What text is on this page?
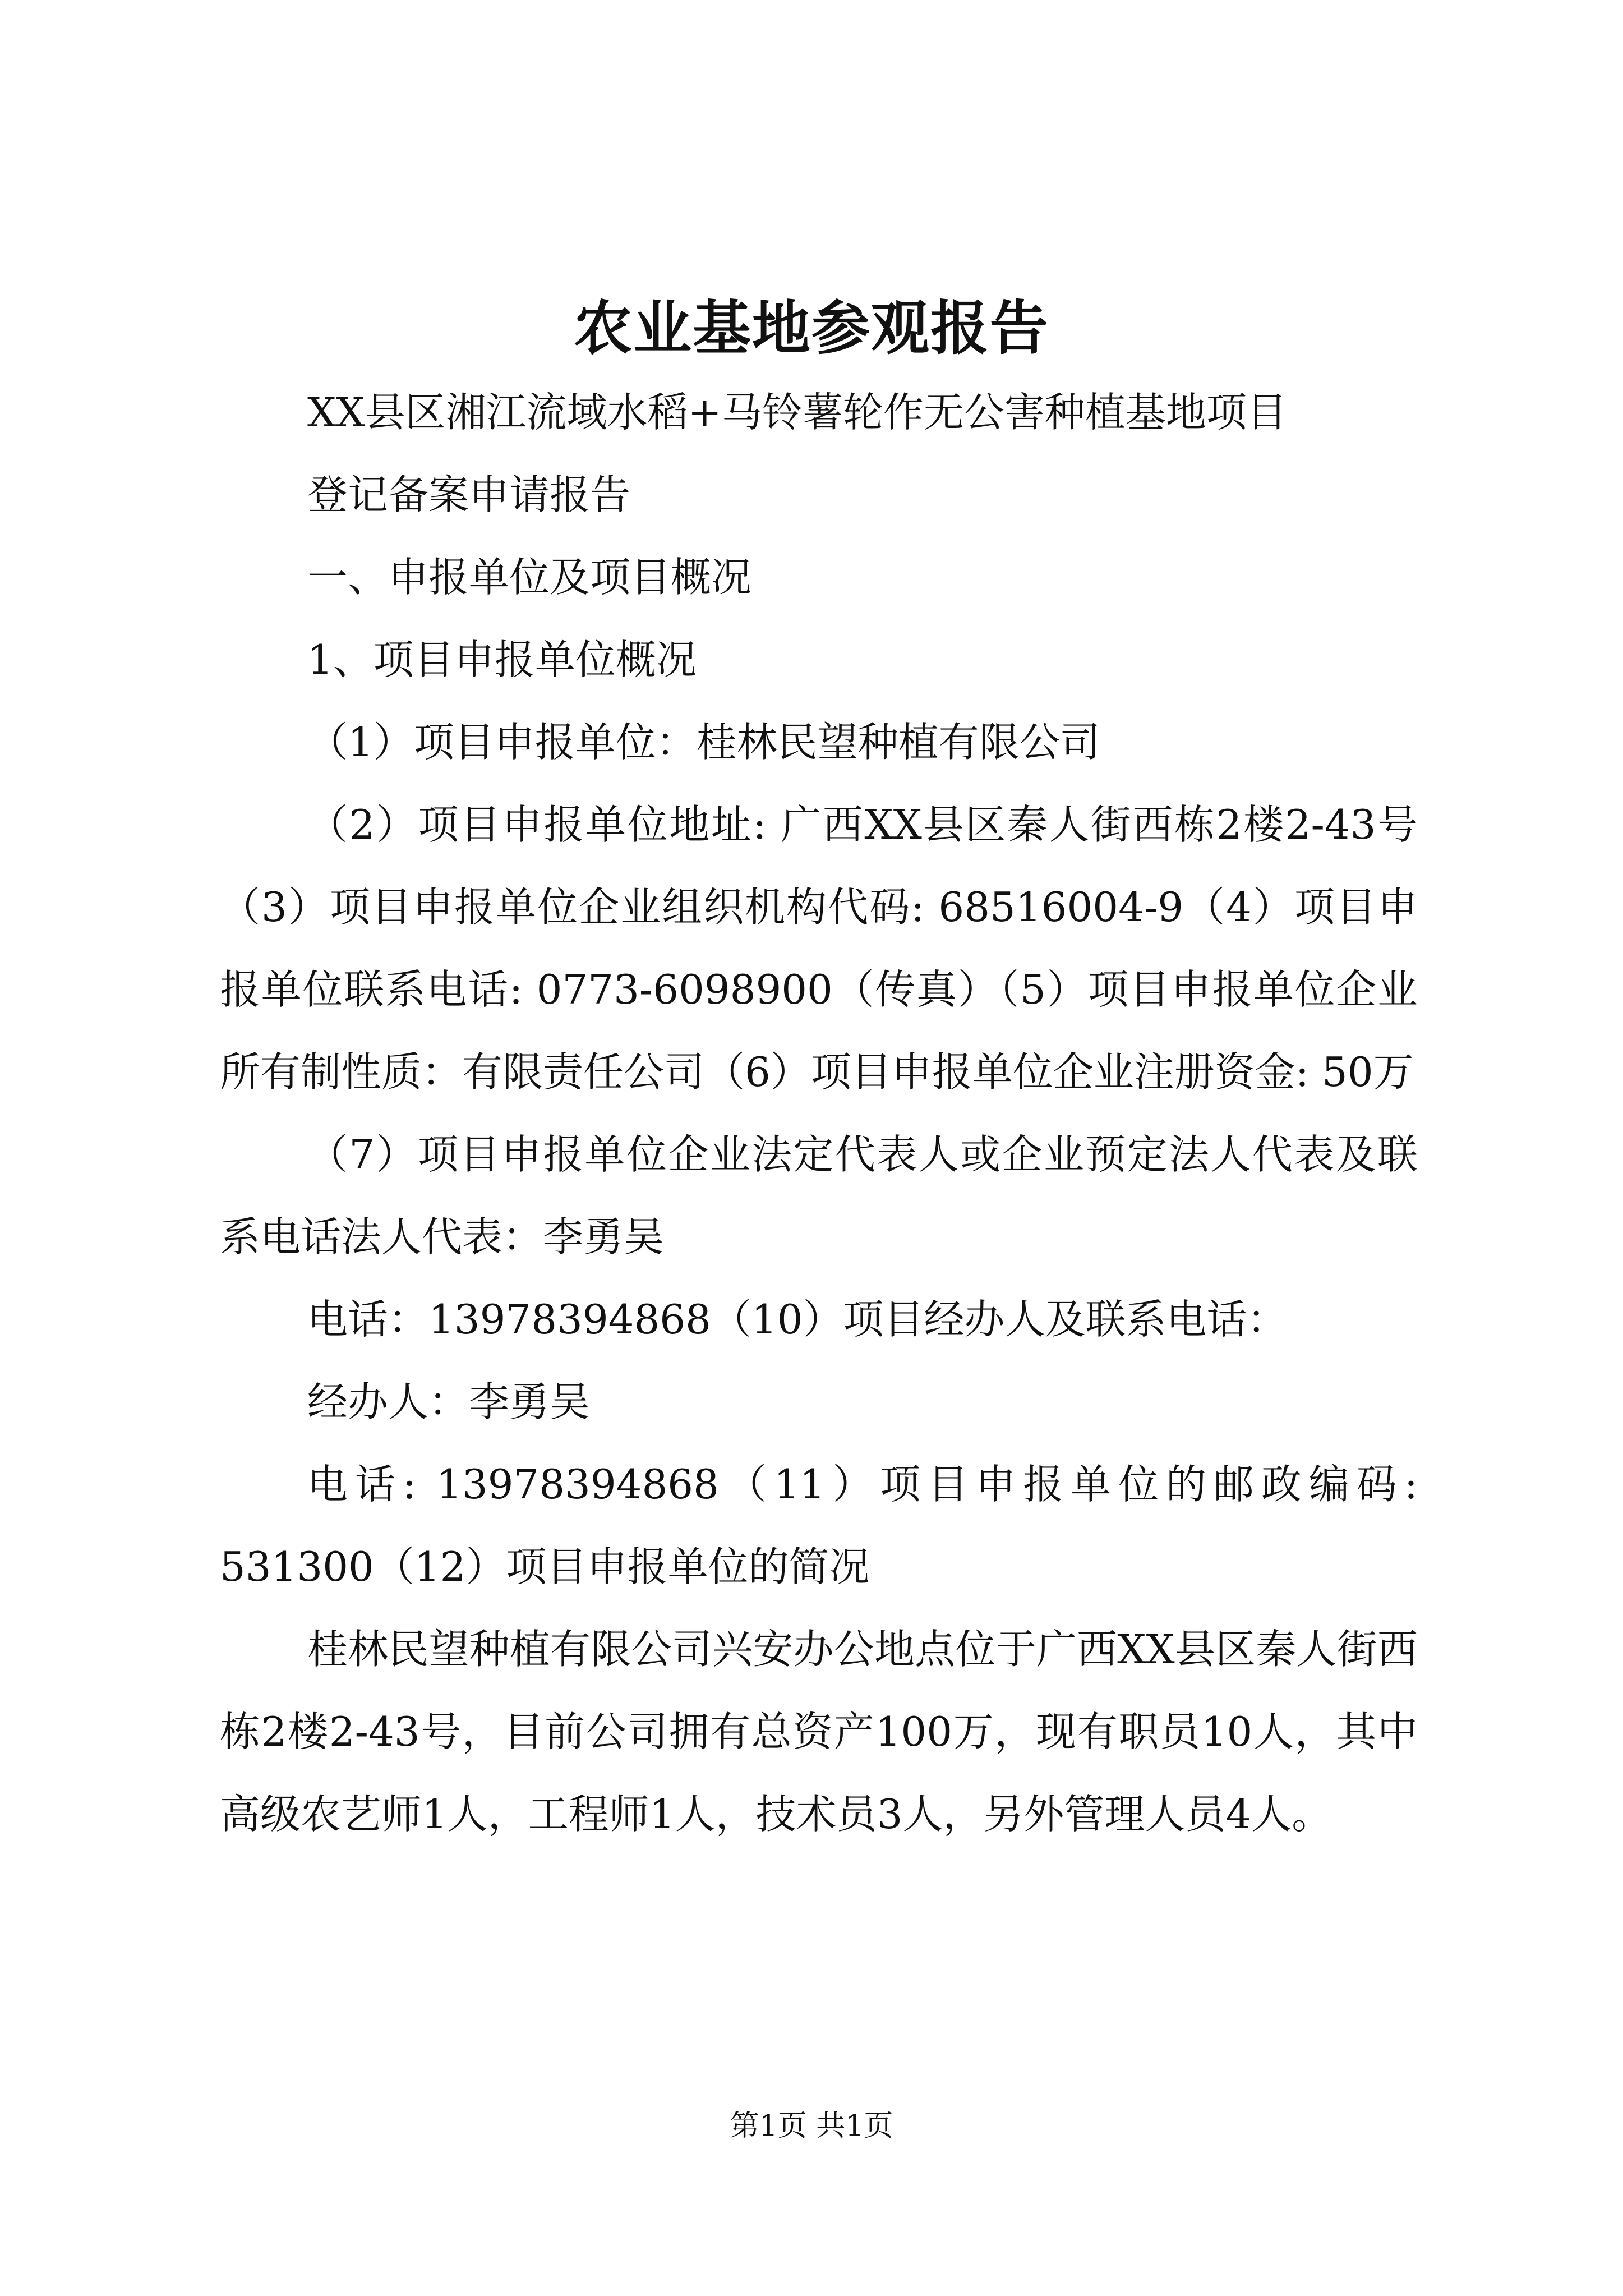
农业基地参观报告

XX县区湘江流域水稻+马铃薯轮作无公害种植基地项目

登记备案申请报告

一、申报单位及项目概况

1、项目申报单位概况

（1）项目申报单位：桂林民望种植有限公司

（2）项目申报单位地址: 广西XX县区秦人街西栋2楼2-43号（3）项目申报单位企业组织机构代码: 68516004-9（4）项目申报单位联系电话: 0773-6098900（传真）（5）项目申报单位企业所有制性质：有限责任公司（6）项目申报单位企业注册资金: 50万

（7）项目申报单位企业法定代表人或企业预定法人代表及联系电话法人代表：李勇吴

电话：13978394868（10）项目经办人及联系电话：

经办人：李勇吴

电话: 13978394868（11）项目申报单位的邮政编码: 531300（12）项目申报单位的简况

桂林民望种植有限公司兴安办公地点位于广西XX县区秦人街西栋2楼2-43号，目前公司拥有总资产100万，现有职员10人，其中高级农艺师1人，工程师1人，技术员3人，另外管理人员4人。

第1页 共1页
